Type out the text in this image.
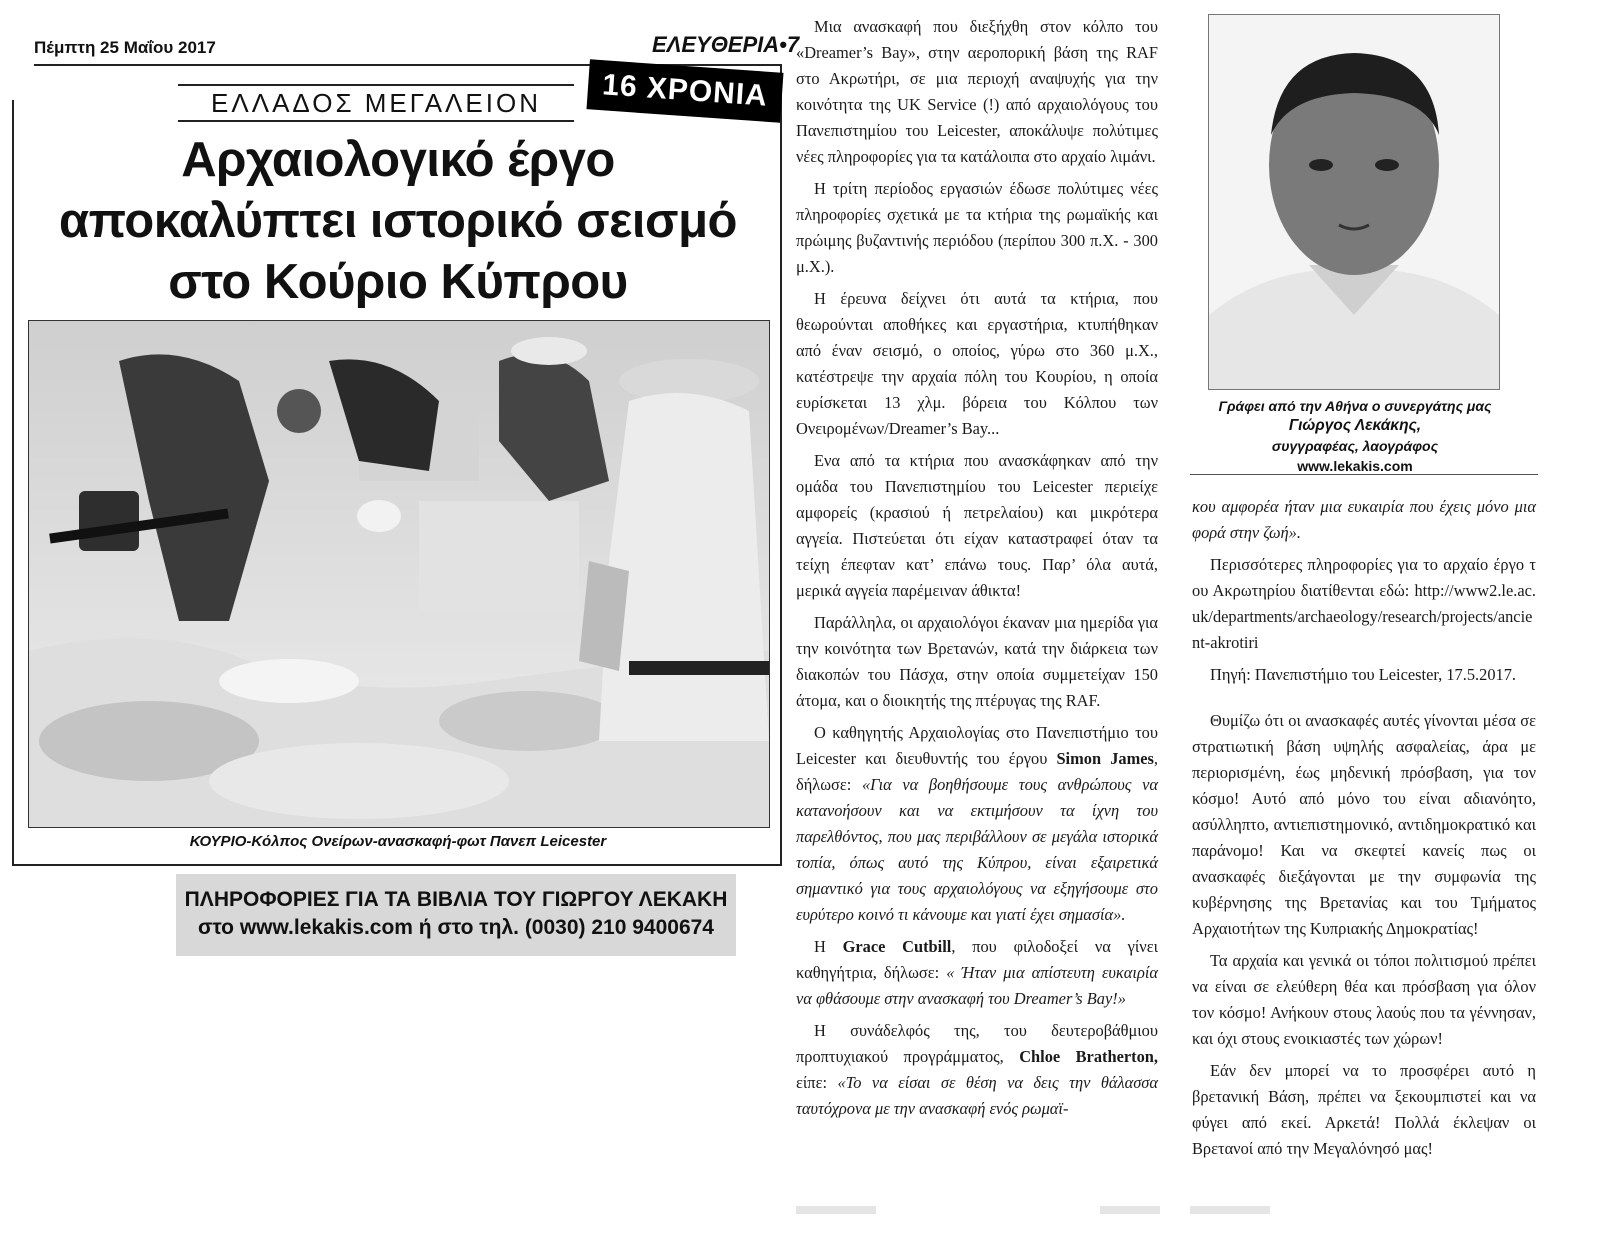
Πέμπτη 25 Μαΐου 2017	ΕΛΕΥΘΕΡΙΑ•7
ΕΛΛΑΔΟΣ ΜΕΓΑΛΕΙΟΝ	16 ΧΡΟΝΙΑ
Αρχαιολογικό έργο
αποκαλύπτει ιστορικό σεισμό
στο Κούριο Κύπρου
ΚΟΥΡΙΟ-Κόλπος Ονείρων-ανασκαφή-φωτ Πανεπ Leicester
ΠΛΗΡΟΦΟΡΙΕΣ ΓΙΑ ΤΑ ΒΙΒΛΙΑ ΤΟΥ ΓΙΩΡΓΟΥ ΛΕΚΑΚΗ
στο www.lekakis.com ή στο τηλ. (0030) 210 9400674

Μια ανασκαφή που διεξήχθη στον κόλπο του «Dreamer’s Bay», στην αεροπορική βάση της RAF στο Ακρωτήρι, σε μια περιοχή αναψυχής για την κοινότητα της UK Service (!) από αρχαιολόγους του Πανεπιστημίου του Leicester, αποκάλυψε πολύτιμες νέες πληροφορίες για τα κατάλοιπα στο αρχαίο λιμάνι.

Η τρίτη περίοδος εργασιών έδωσε πολύτιμες νέες πληροφορίες σχετικά με τα κτήρια της ρωμαϊκής και πρώιμης βυζαντινής περιόδου (περίπου 300 π.Χ. - 300 μ.Χ.).

Η έρευνα δείχνει ότι αυτά τα κτήρια, που θεωρούνται αποθήκες και εργαστήρια, κτυπήθηκαν από έναν σεισμό, ο οποίος, γύρω στο 360 μ.Χ., κατέστρεψε την αρχαία πόλη του Κουρίου, η οποία ευρίσκεται 13 χλμ. βόρεια του Κόλπου των Ονειρομένων/Dreamer’s Bay...

Ενα από τα κτήρια που ανασκάφηκαν από την ομάδα του Πανεπιστημίου του Leicester περιείχε αμφορείς (κρασιού ή πετρελαίου) και μικρότερα αγγεία. Πιστεύεται ότι είχαν καταστραφεί όταν τα τείχη έπεφταν κατ’ επάνω τους. Παρ’ όλα αυτά, μερικά αγγεία παρέμειναν άθικτα!

Παράλληλα, οι αρχαιολόγοι έκαναν μια ημερίδα για την κοινότητα των Βρετανών, κατά την διάρκεια των διακοπών του Πάσχα, στην οποία συμμετείχαν 150 άτομα, και ο διοικητής της πτέρυγας της RAF.

Ο καθηγητής Αρχαιολογίας στο Πανεπιστήμιο του Leicester και διευθυντής του έργου Simon James, δήλωσε: «Για να βοηθήσουμε τους ανθρώπους να κατανοήσουν και να εκτιμήσουν τα ίχνη του παρελθόντος, που μας περιβάλλουν σε μεγάλα ιστορικά τοπία, όπως αυτό της Κύπρου, είναι εξαιρετικά σημαντικό για τους αρχαιολόγους να εξηγήσουμε στο ευρύτερο κοινό τι κάνουμε και γιατί έχει σημασία».

Η Grace Cutbill, που φιλοδοξεί να γίνει καθηγήτρια, δήλωσε: « Ήταν μια απίστευτη ευκαιρία να φθάσουμε στην ανασκαφή του Dreamer’s Bay!»

Η συνάδελφός της, του δευτεροβάθμιου προπτυχιακού προγράμματος, Chloe Bratherton, είπε: «Το να είσαι σε θέση να δεις την θάλασσα ταυτόχρονα με την ανασκαφή ενός ρωμαϊ-

Γράφει από την Αθήνα ο συνεργάτης μας
Γιώργος Λεκάκης,
συγγραφέας, λαογράφος
www.lekakis.com

κου αμφορέα ήταν μια ευκαιρία που έχεις μόνο μια φορά στην ζωή».

Περισσότερες πληροφορίες για το αρχαίο έργο του Ακρωτηρίου διατίθενται εδώ: http://www2.le.ac.uk/departments/archaeology/research/projects/ancient-akrotiri

Πηγή: Πανεπιστήμιο του Leicester, 17.5.2017.

Θυμίζω ότι οι ανασκαφές αυτές γίνονται μέσα σε στρατιωτική βάση υψηλής ασφαλείας, άρα με περιορισμένη, έως μηδενική πρόσβαση, για τον κόσμο! Αυτό από μόνο του είναι αδιανόητο, ασύλληπτο, αντιεπιστημονικό, αντιδημοκρατικό και παράνομο! Και να σκεφτεί κανείς πως οι ανασκαφές διεξάγονται με την συμφωνία της κυβέρνησης της Βρετανίας και του Τμήματος Αρχαιοτήτων της Κυπριακής Δημοκρατίας!

Τα αρχαία και γενικά οι τόποι πολιτισμού πρέπει να είναι σε ελεύθερη θέα και πρόσβαση για όλον τον κόσμο! Ανήκουν στους λαούς που τα γέννησαν, και όχι στους ενοικιαστές των χώρων!

Εάν δεν μπορεί να το προσφέρει αυτό η βρετανική Βάση, πρέπει να ξεκουμπιστεί και να φύγει από εκεί. Αρκετά! Πολλά έκλεψαν οι Βρετανοί από την Μεγαλόνησό μας!
